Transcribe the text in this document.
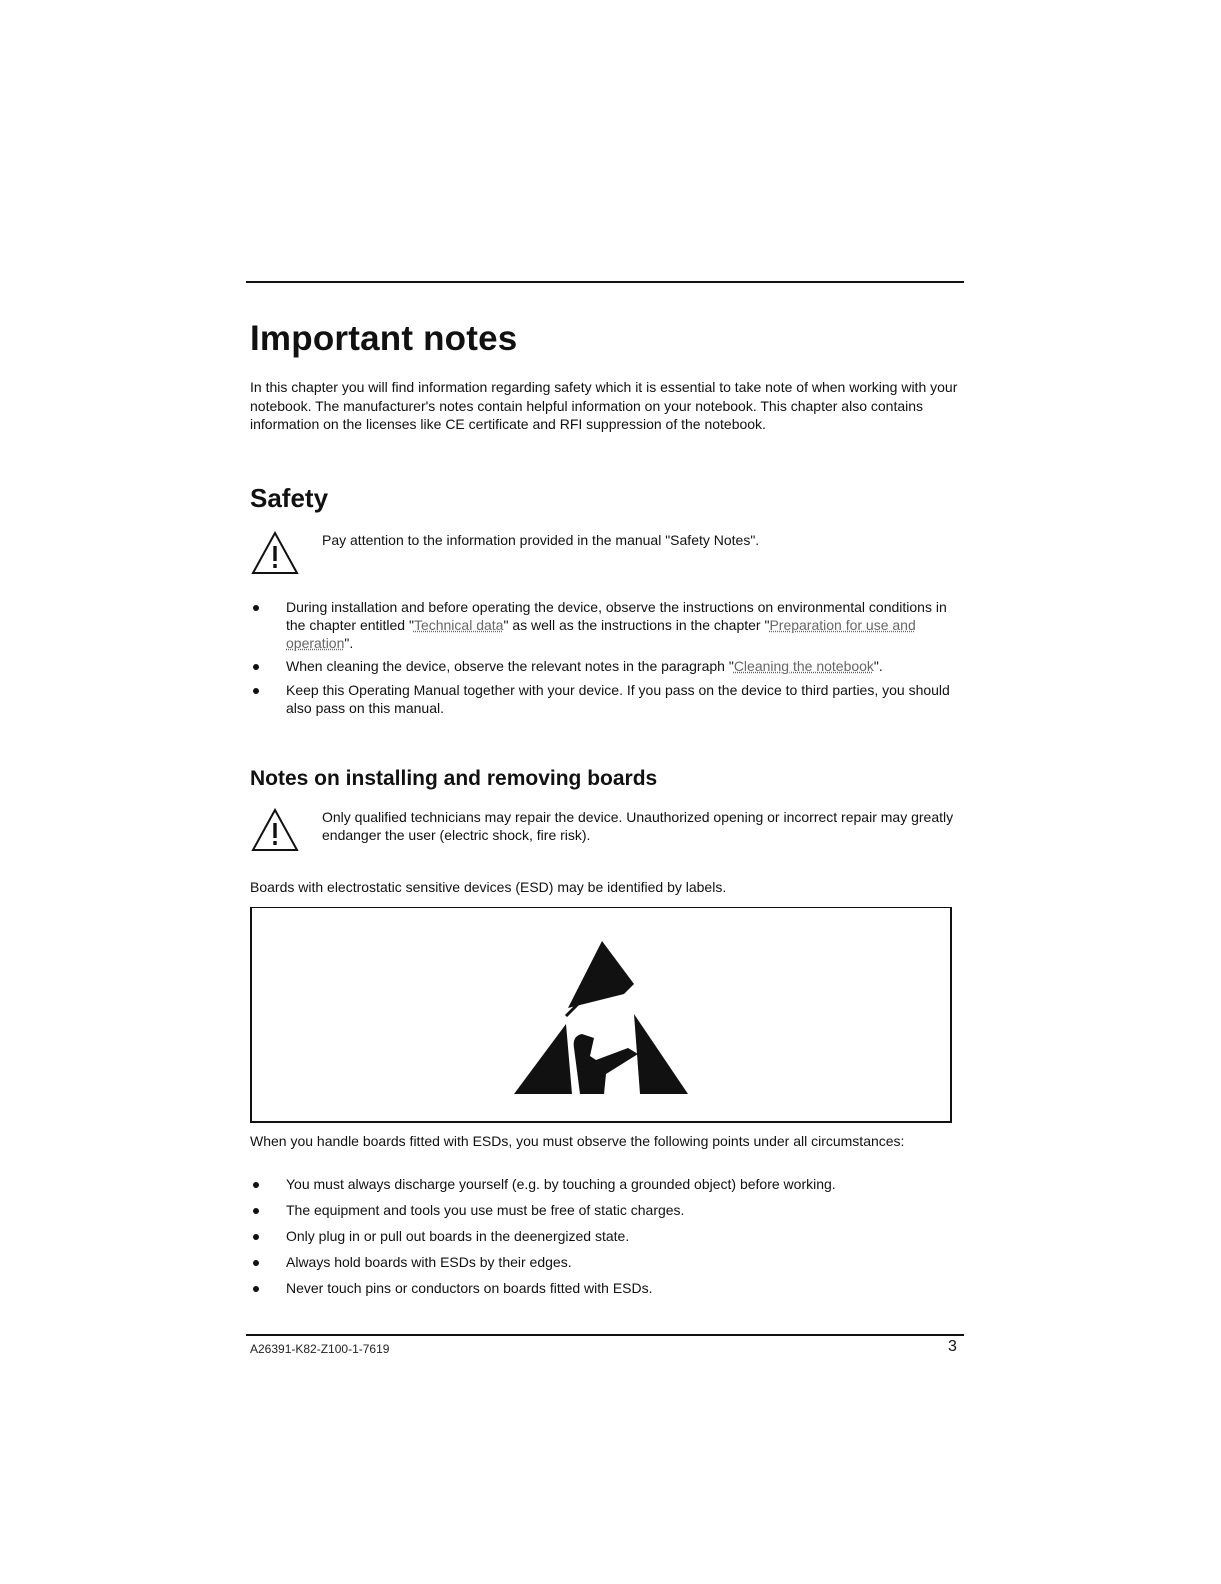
Important notes

In this chapter you will find information regarding safety which it is essential to take note of when working with your notebook. The manufacturer's notes contain helpful information on your notebook. This chapter also contains information on the licenses like CE certificate and RFI suppression of the notebook.

Safety

Pay attention to the information provided in the manual "Safety Notes".

During installation and before operating the device, observe the instructions on environmental conditions in the chapter entitled "Technical data" as well as the instructions in the chapter "Preparation for use and operation".
When cleaning the device, observe the relevant notes in the paragraph "Cleaning the notebook".
Keep this Operating Manual together with your device. If you pass on the device to third parties, you should also pass on this manual.
Notes on installing and removing boards

Only qualified technicians may repair the device. Unauthorized opening or incorrect repair may greatly endanger the user (electric shock, fire risk).

Boards with electrostatic sensitive devices (ESD) may be identified by labels.

When you handle boards fitted with ESDs, you must observe the following points under all circumstances:

You must always discharge yourself (e.g. by touching a grounded object) before working.
The equipment and tools you use must be free of static charges.
Only plug in or pull out boards in the deenergized state.
Always hold boards with ESDs by their edges.
Never touch pins or conductors on boards fitted with ESDs.
A26391-K82-Z100-1-7619	3
